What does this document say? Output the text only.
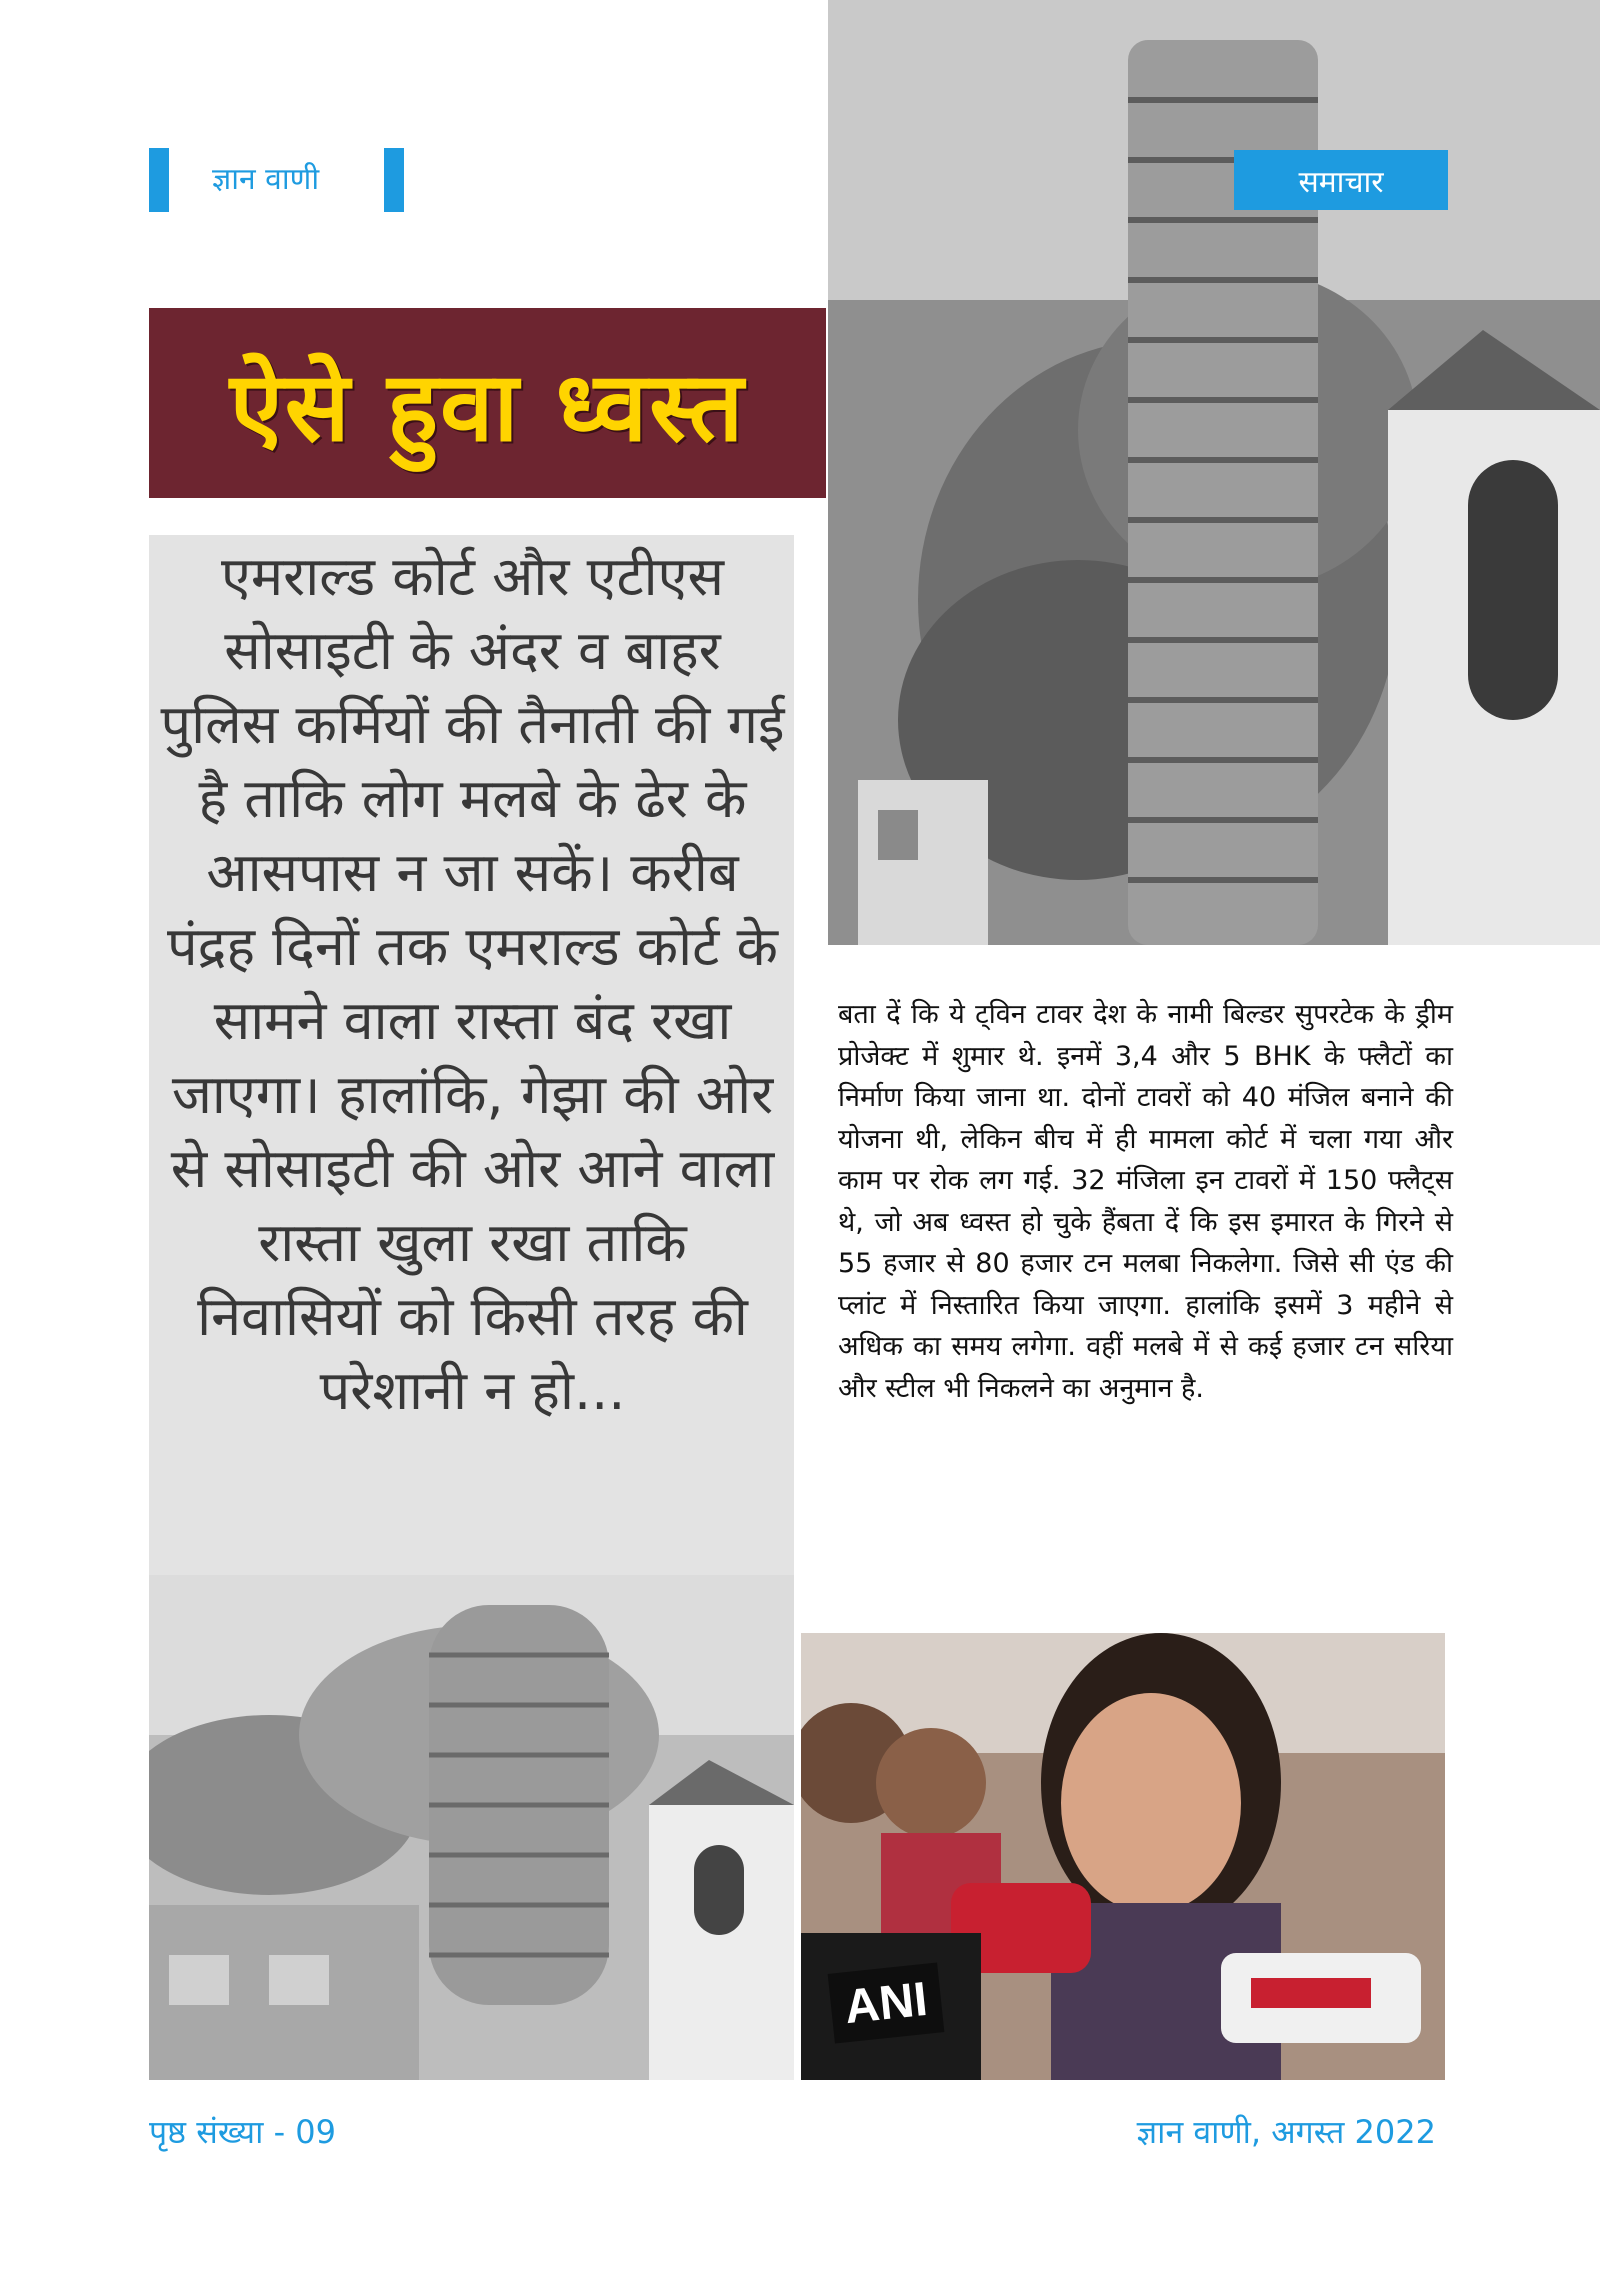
ज्ञान वाणी	समाचार
ऐसे हुवा ध्वस्त

एमराल्ड कोर्ट और एटीएस सोसाइटी के अंदर व बाहर पुलिस कर्मियों की तैनाती की गई है ताकि लोग मलबे के ढेर के आसपास न जा सकें। करीब पंद्रह दिनों तक एमराल्ड कोर्ट के सामने वाला रास्ता बंद रखा जाएगा। हालांकि, गेझा की ओर से सोसाइटी की ओर आने वाला रास्ता खुला रखा ताकि निवासियों को किसी तरह की परेशानी न हो...

बता दें कि ये ट्विन टावर देश के नामी बिल्डर सुपरटेक के ड्रीम प्रोजेक्ट में शुमार थे. इनमें 3,4 और 5 BHK के फ्लैटों का निर्माण किया जाना था. दोनों टावरों को 40 मंजिल बनाने की योजना थी, लेकिन बीच में ही मामला कोर्ट में चला गया और काम पर रोक लग गई. 32 मंजिला इन टावरों में 150 फ्लैट्स थे, जो अब ध्वस्त हो चुके हैंबता दें कि इस इमारत के गिरने से 55 हजार से 80 हजार टन मलबा निकलेगा. जिसे सी एंड की प्लांट में निस्तारित किया जाएगा. हालांकि इसमें 3 महीने से अधिक का समय लगेगा. वहीं मलबे में से कई हजार टन सरिया और स्टील भी निकलने का अनुमान है.

ANI
पृष्ठ संख्या - 09	ज्ञान वाणी, अगस्त 2022
